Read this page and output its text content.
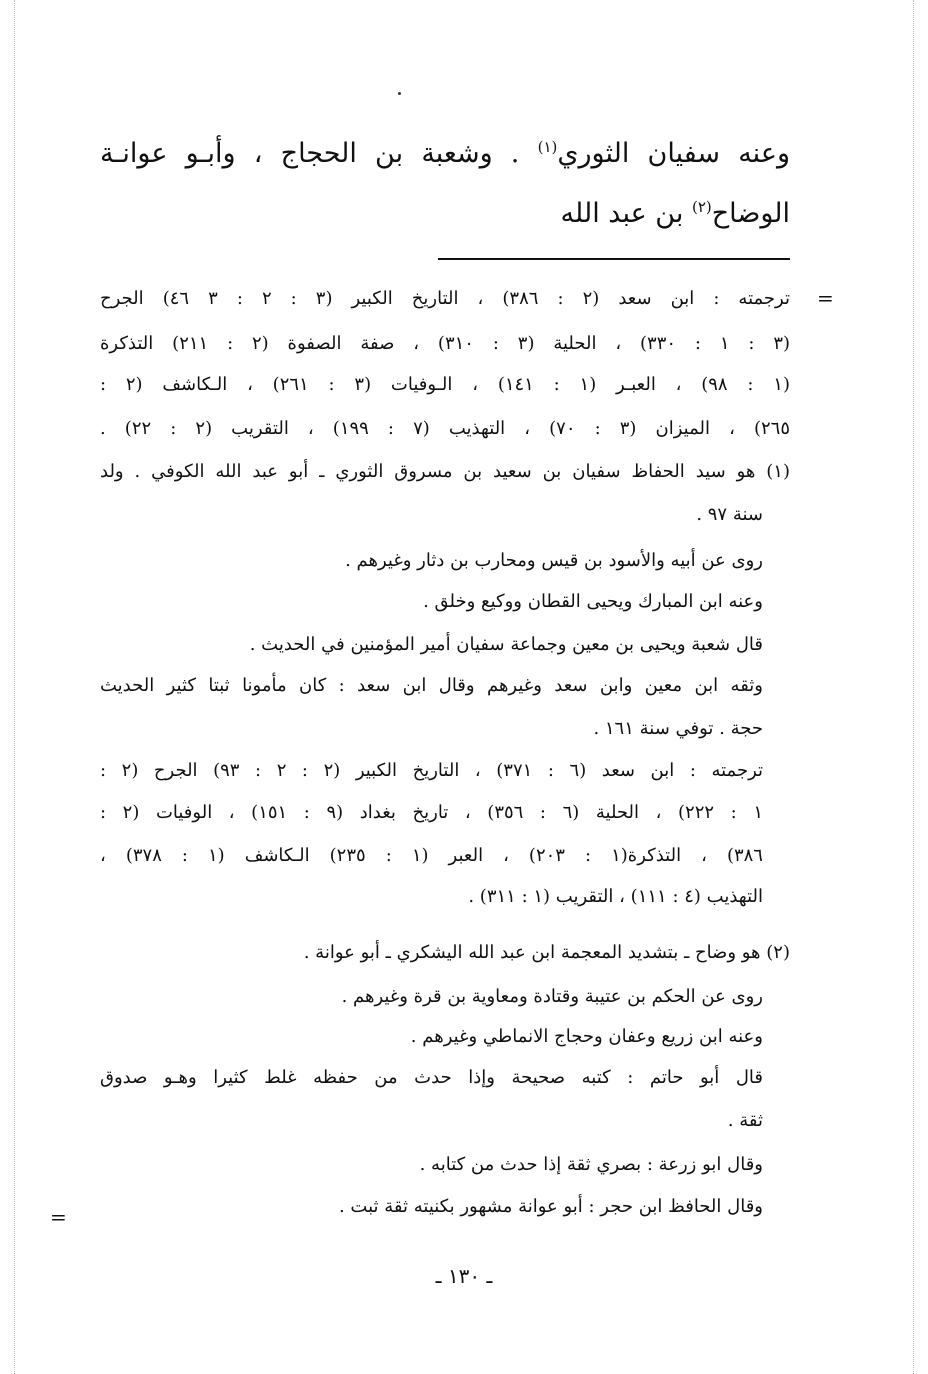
وعنه سفيان الثوري$^{(١)}$ . وشعبة بن الحجاج ، وأبـو عوانـة
الوضاح$^{(٢)}$ بن عبد الله
=
ترجمته : ابن سعد (٢ : ٣٨٦) ، التاريخ الكبير (٣ : ٢ : ٣ ٤٦) الجرح
(٣ : ١ : ٣٣٠) ، الحلية (٣ : ٣١٠) ، صفة الصفوة (٢ : ٢١١) التذكرة
(١ : ٩٨) ، العبـر (١ : ١٤١) ، الـوفيات (٣ : ٢٦١) ، الـكاشف (٢ :
٢٦٥) ، الميزان (٣ : ٧٠) ، التهذيب (٧ : ١٩٩) ، التقريب (٢ : ٢٢) .
(١) هو سيد الحفاظ سفيان بن سعيد بن مسروق الثوري ـ أبو عبد الله الكوفي . ولد
سنة ٩٧ .
روى عن أبيه والأسود بن قيس ومحارب بن دثار وغيرهم .
وعنه ابن المبارك ويحيى القطان ووكيع وخلق .
قال شعبة ويحيى بن معين وجماعة سفيان أمير المؤمنين في الحديث .
وثقه ابن معين وابن سعد وغيرهم وقال ابن سعد : كان مأمونا ثبتا كثير الحديث
حجة . توفي سنة ١٦١ .
ترجمته : ابن سعد (٦ : ٣٧١) ، التاريخ الكبير (٢ : ٢ : ٩٣) الجرح (٢ :
١ : ٢٢٢) ، الحلية (٦ : ٣٥٦) ، تاريخ بغداد (٩ : ١٥١) ، الوفيات (٢ :
٣٨٦) ، التذكرة(١ : ٢٠٣) ، العبر (١ : ٢٣٥) الـكاشف (١ : ٣٧٨) ،
التهذيب (٤ : ١١١) ، التقريب (١ : ٣١١) .
(٢) هو وضاح ـ بتشديد المعجمة ابن عبد الله اليشكري ـ أبو عوانة .
روى عن الحكم بن عتيبة وقتادة ومعاوية بن قرة وغيرهم .
وعنه ابن زريع وعفان وحجاج الانماطي وغيرهم .
قال أبو حاتم : كتبه صحيحة وإذا حدث من حفظه غلط كثيرا وهـو صدوق
ثقة .
وقال ابو زرعة : بصري ثقة إذا حدث من كتابه .
وقال الحافظ ابن حجر : أبو عوانة مشهور بكنيته ثقة ثبت .
=
ـ ١٣٠ ـ
